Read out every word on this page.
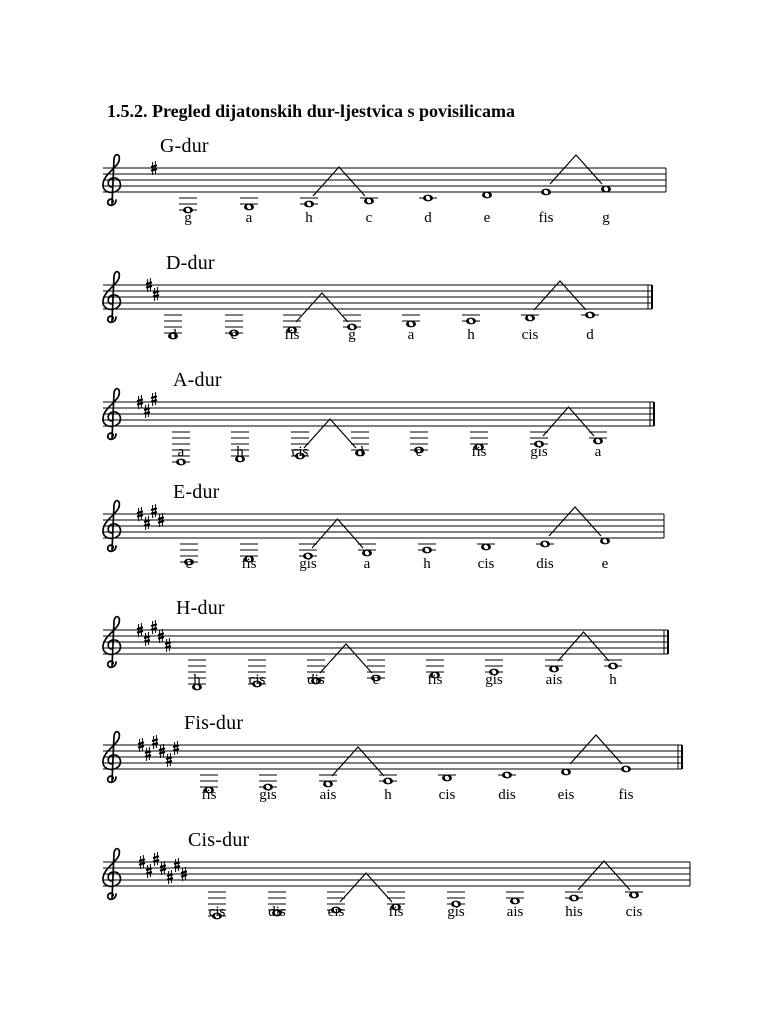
1.5.2. Pregled dijatonskih dur-ljestvica s povisilicama
G-dur
g	a	h	c	d	e	fis	g
D-dur
d	e	fis	g	a	h	cis	d
A-dur
a	h	cis	d	e	fis	gis	a
E-dur
e	fis	gis	a	h	cis	dis	e
H-dur
h	cis	dis	e	fis	gis	ais	h
Fis-dur
fis	gis	ais	h	cis	dis	eis	fis
Cis-dur
cis	dis	eis	fis	gis	ais	his	cis
